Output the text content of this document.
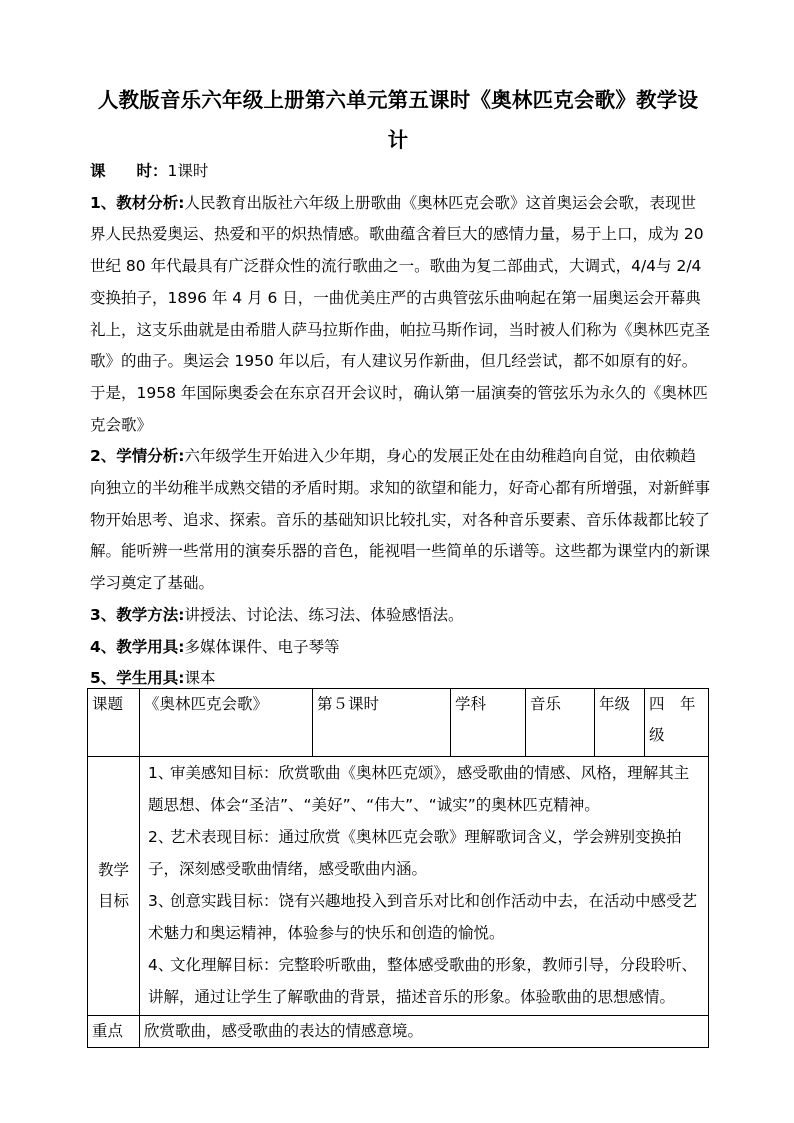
人教版音乐六年级上册第六单元第五课时《奥林匹克会歌》教学设
计

课　　时：1课时

1、教材分析:人民教育出版社六年级上册歌曲《奥林匹克会歌》这首奥运会会歌，表现世界人民热爱奥运、热爱和平的炽热情感。歌曲蕴含着巨大的感情力量，易于上口，成为 20 世纪 80 年代最具有广泛群众性的流行歌曲之一。歌曲为复二部曲式，大调式，4/4与 2/4 变换拍子，1896 年 4 月 6 日，一曲优美庄严的古典管弦乐曲响起在第一届奥运会开幕典礼上，这支乐曲就是由希腊人萨马拉斯作曲，帕拉马斯作词，当时被人们称为《奥林匹克圣歌》的曲子。奥运会 1950 年以后，有人建议另作新曲，但几经尝试，都不如原有的好。于是，1958 年国际奥委会在东京召开会议时，确认第一届演奏的管弦乐为永久的《奥林匹克会歌》

2、学情分析:六年级学生开始进入少年期，身心的发展正处在由幼稚趋向自觉，由依赖趋向独立的半幼稚半成熟交错的矛盾时期。求知的欲望和能力，好奇心都有所增强，对新鲜事物开始思考、追求、探索。音乐的基础知识比较扎实，对各种音乐要素、音乐体裁都比较了解。能听辨一些常用的演奏乐器的音色，能视唱一些简单的乐谱等。这些都为课堂内的新课学习奠定了基础。

3、教学方法:讲授法、讨论法、练习法、体验感悟法。

4、教学用具:多媒体课件、电子琴等

5、学生用具:课本

课题	《奥林匹克会歌》	第５课时	学科	音乐	年级	四　年级
教学目标	1、审美感知目标：欣赏歌曲《奥林匹克颂》，感受歌曲的情感、风格，理解其主题思想、体会“圣洁”、“美好”、“伟大”、“诚实”的奥林匹克精神。
2、艺术表现目标：通过欣赏《奥林匹克会歌》理解歌词含义，学会辨别变换拍子，深刻感受歌曲情绪，感受歌曲内涵。
3、创意实践目标：饶有兴趣地投入到音乐对比和创作活动中去，在活动中感受艺术魅力和奥运精神，体验参与的快乐和创造的愉悦。
4、文化理解目标：完整聆听歌曲，整体感受歌曲的形象，教师引导，分段聆听、讲解，通过让学生了解歌曲的背景，描述音乐的形象。体验歌曲的思想感情。					

重点	欣赏歌曲，感受歌曲的表达的情感意境。					
